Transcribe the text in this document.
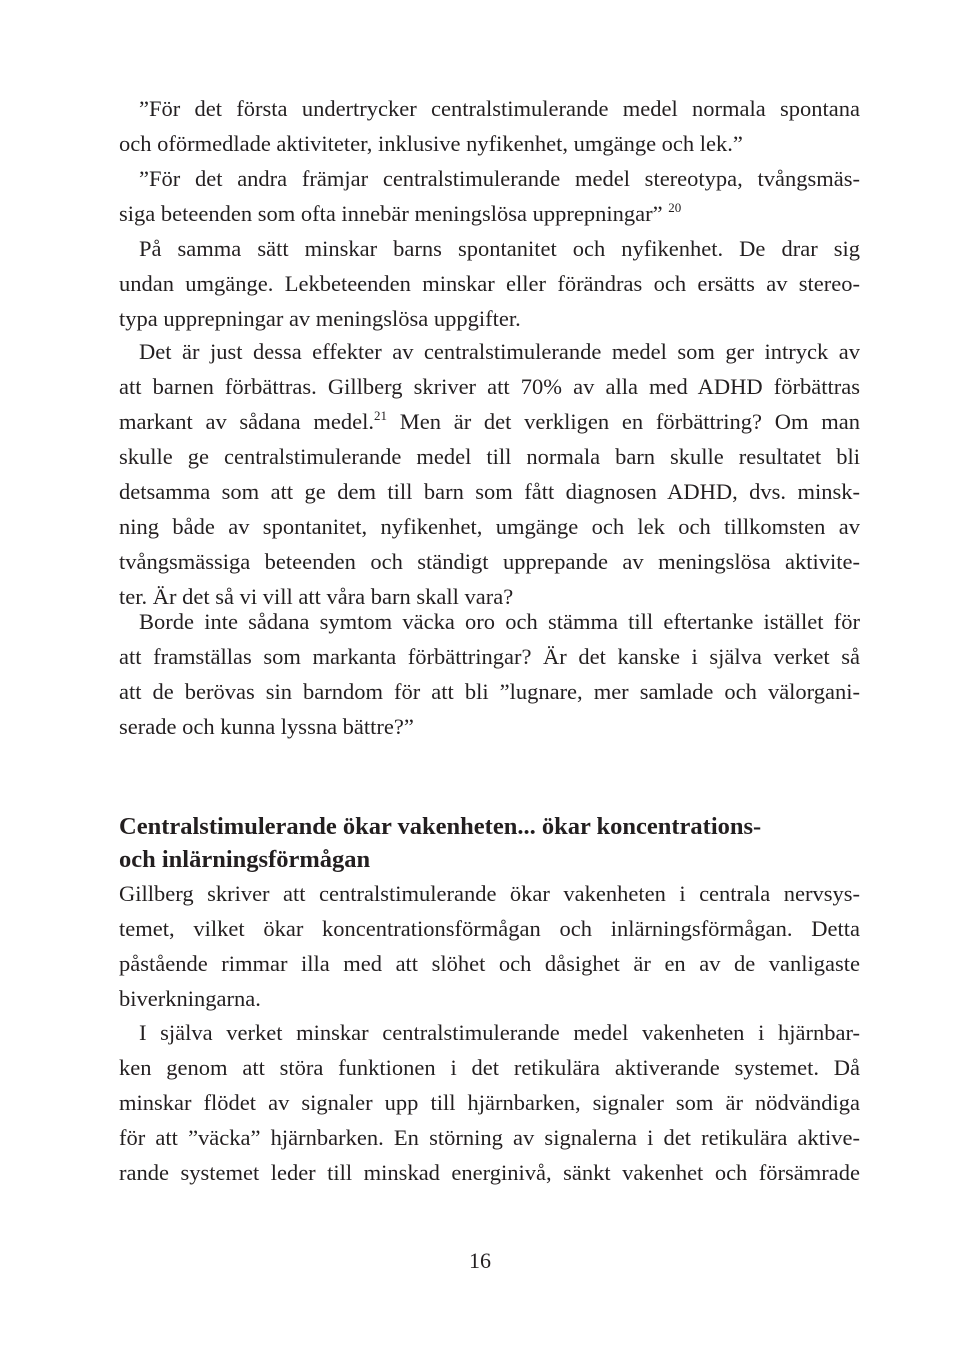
”För det första undertrycker centralstimulerande medel normala spontana
och oförmedlade aktiviteter, inklusive nyfikenhet, umgänge och lek.”
”För det andra främjar centralstimulerande medel stereotypa, tvångsmäs-
siga beteenden som ofta innebär meningslösa upprepningar” $^{20}$
På samma sätt minskar barns spontanitet och nyfikenhet. De drar sig
undan umgänge. Lekbeteenden minskar eller förändras och ersätts av stereo-
typa upprepningar av meningslösa uppgifter.
Det är just dessa effekter av centralstimulerande medel som ger intryck av
att barnen förbättras. Gillberg skriver att 70% av alla med ADHD förbättras
markant av sådana medel.$^{21}$ Men är det verkligen en förbättring? Om man
skulle ge centralstimulerande medel till normala barn skulle resultatet bli
detsamma som att ge dem till barn som fått diagnosen ADHD, dvs. minsk-
ning både av spontanitet, nyfikenhet, umgänge och lek och tillkomsten av
tvångsmässiga beteenden och ständigt upprepande av meningslösa aktivite-
ter. Är det så vi vill att våra barn skall vara?
Borde inte sådana symtom väcka oro och stämma till eftertanke istället för
att framställas som markanta förbättringar? Är det kanske i själva verket så
att de berövas sin barndom för att bli ”lugnare, mer samlade och välorgani-
serade och kunna lyssna bättre?”
Centralstimulerande ökar vakenheten... ökar koncentrations-
och inlärningsförmågan
Gillberg skriver att centralstimulerande ökar vakenheten i centrala nervsys-
temet, vilket ökar koncentrationsförmågan och inlärningsförmågan. Detta
påstående rimmar illa med att slöhet och dåsighet är en av de vanligaste
biverkningarna.
I själva verket minskar centralstimulerande medel vakenheten i hjärnbar-
ken genom att störa funktionen i det retikulära aktiverande systemet. Då
minskar flödet av signaler upp till hjärnbarken, signaler som är nödvändiga
för att ”väcka” hjärnbarken. En störning av signalerna i det retikulära aktive-
rande systemet leder till minskad energinivå, sänkt vakenhet och försämrade
16
